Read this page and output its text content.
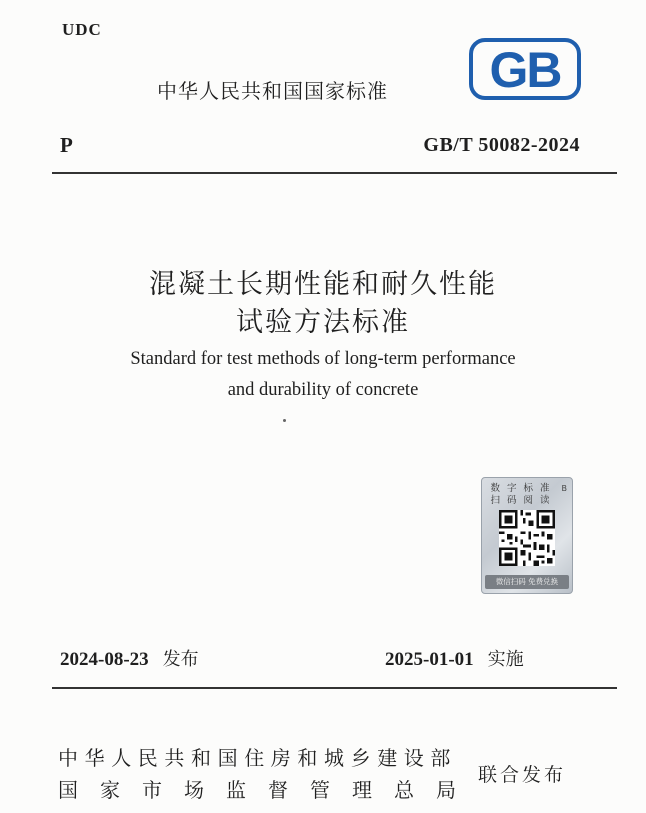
UDC
中华人民共和国国家标准 GB
P	GB/T 50082-2024
混凝土长期性能和耐久性能
试验方法标准
Standard for test methods of long-term performance
and durability of concrete
数 字 标 准
扫 码 阅 读
B
微信扫码 免费兑换
2024-08-23 发布	2025-01-01 实施
中华人民共和国住房和城乡建设部
国家市场监督管理总局
联合发布
